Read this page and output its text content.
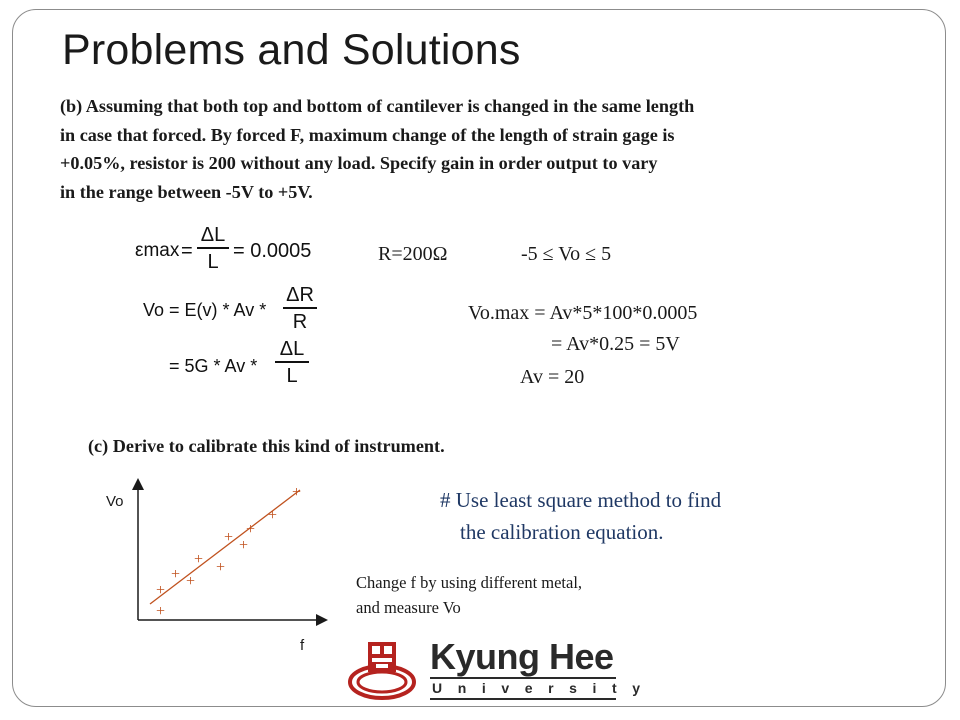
Problems and Solutions
(b) Assuming that both top and bottom of cantilever is changed in the same length
in case that forced. By forced F, maximum change of the length of strain gage is
+0.05%, resistor is 200 without any load. Specify gain in order output to vary
in the range between -5V to +5V.
εmax =
ΔL
L = 0.0005
Vo = E(v) * Av *
ΔR
R
= 5G * Av *
ΔL
L
R=200Ω	-5 ≤ Vo ≤ 5
Vo.max = Av*5*100*0.0005
= Av*0.25 = 5V
Av = 20
(c) Derive to calibrate this kind of instrument.
# Use least square method to find
the calibration equation.
Change f by using different metal,
and measure Vo
Vo
f
+
+
+ +
+ +
+ +
+
+
+
Kyung Hee
University
